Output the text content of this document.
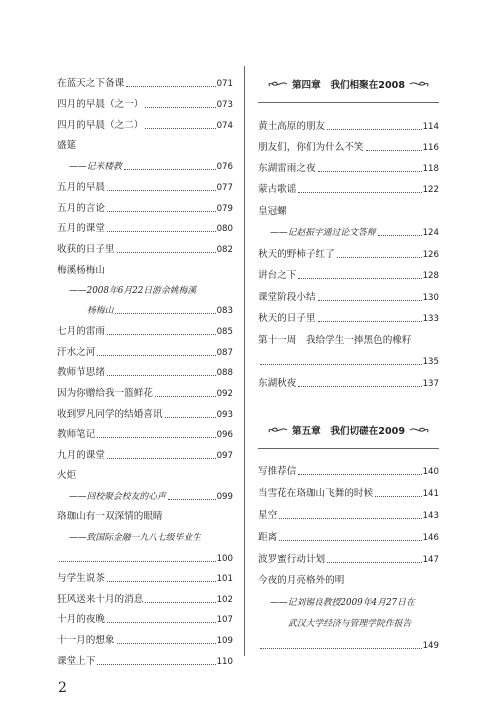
在蓝天之下备课	071
四月的早晨（之一）	073
四月的早晨（之二）	074
盛筵
——记米楼教	076
五月的早晨	077
五月的言论	079
五月的课堂	080
收获的日子里	082
梅溪杨梅山
——2008年6月22日游余姚梅溪
杨梅山	083
七月的雷雨	085
汗水之河	087
教师节思绪	088
因为你赠给我一篮鲜花	092
收到罗凡同学的结婚喜讯	093
教师笔记	096
九月的课堂	097
火炬
——回校聚会校友的心声	099
珞珈山有一双深情的眼睛
——致国际金融一九八七级毕业生
100
与学生说茶	101
狂风送来十月的消息	102
十月的夜晚	107
十一月的想象	109
课堂上下	110
第四章　我们相聚在2008
黄土高原的朋友	114
朋友们，你们为什么不笑	116
东湖雷雨之夜	118
蒙古歌谣	122
皇冠螺
——记赵振宇通过论文答辩	124
秋天的野柿子红了	126
讲台之下	128
课堂阶段小结	130
秋天的日子里	133
第十一周　我给学生一捧黑色的橡籽
135
东湖秋夜	137
第五章　我们切磋在2009
写推荐信	140
当雪花在珞珈山飞舞的时候	141
星空	143
距离	146
波罗蜜行动计划	147
今夜的月亮格外的明
——记刘锡良教授2009年4月27日在
武汉大学经济与管理学院作报告
149
2
